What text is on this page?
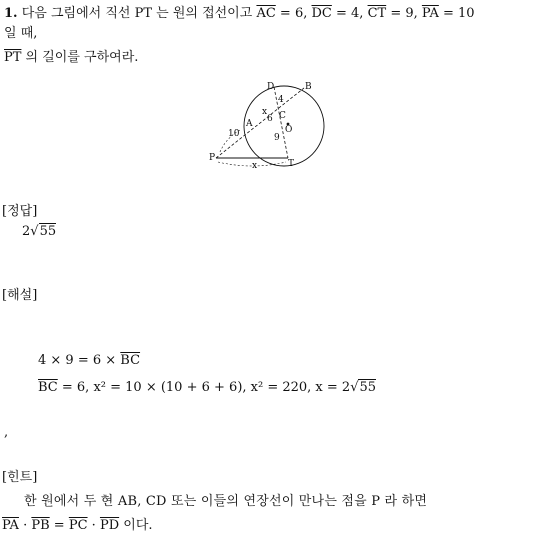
1. 다음 그림에서 직선 PT 는 원의 접선이고 $\overline{AC} = 6$, $\overline{DC} = 4$, $\overline{CT} = 9$, $\overline{PA} = 10$
일 때,
$\overline{PT}$ 의 길이를 구하여라.
D	B
4
x
6
A
C
O
10	9
P
T
x
[정답]
2√55
[해설]
$4 \times 9 = 6 \times \overline{BC}$
$\overline{BC} = 6$, x² = 10 × (10 + 6 + 6), x² = 220, x = 2√55
,
[힌트]
한 원에서 두 현 AB, CD 또는 이들의 연장선이 만나는 점을 P 라 하면
$\overline{PA} \cdot \overline{PB} = \overline{PC} \cdot \overline{PD}$ 이다.
